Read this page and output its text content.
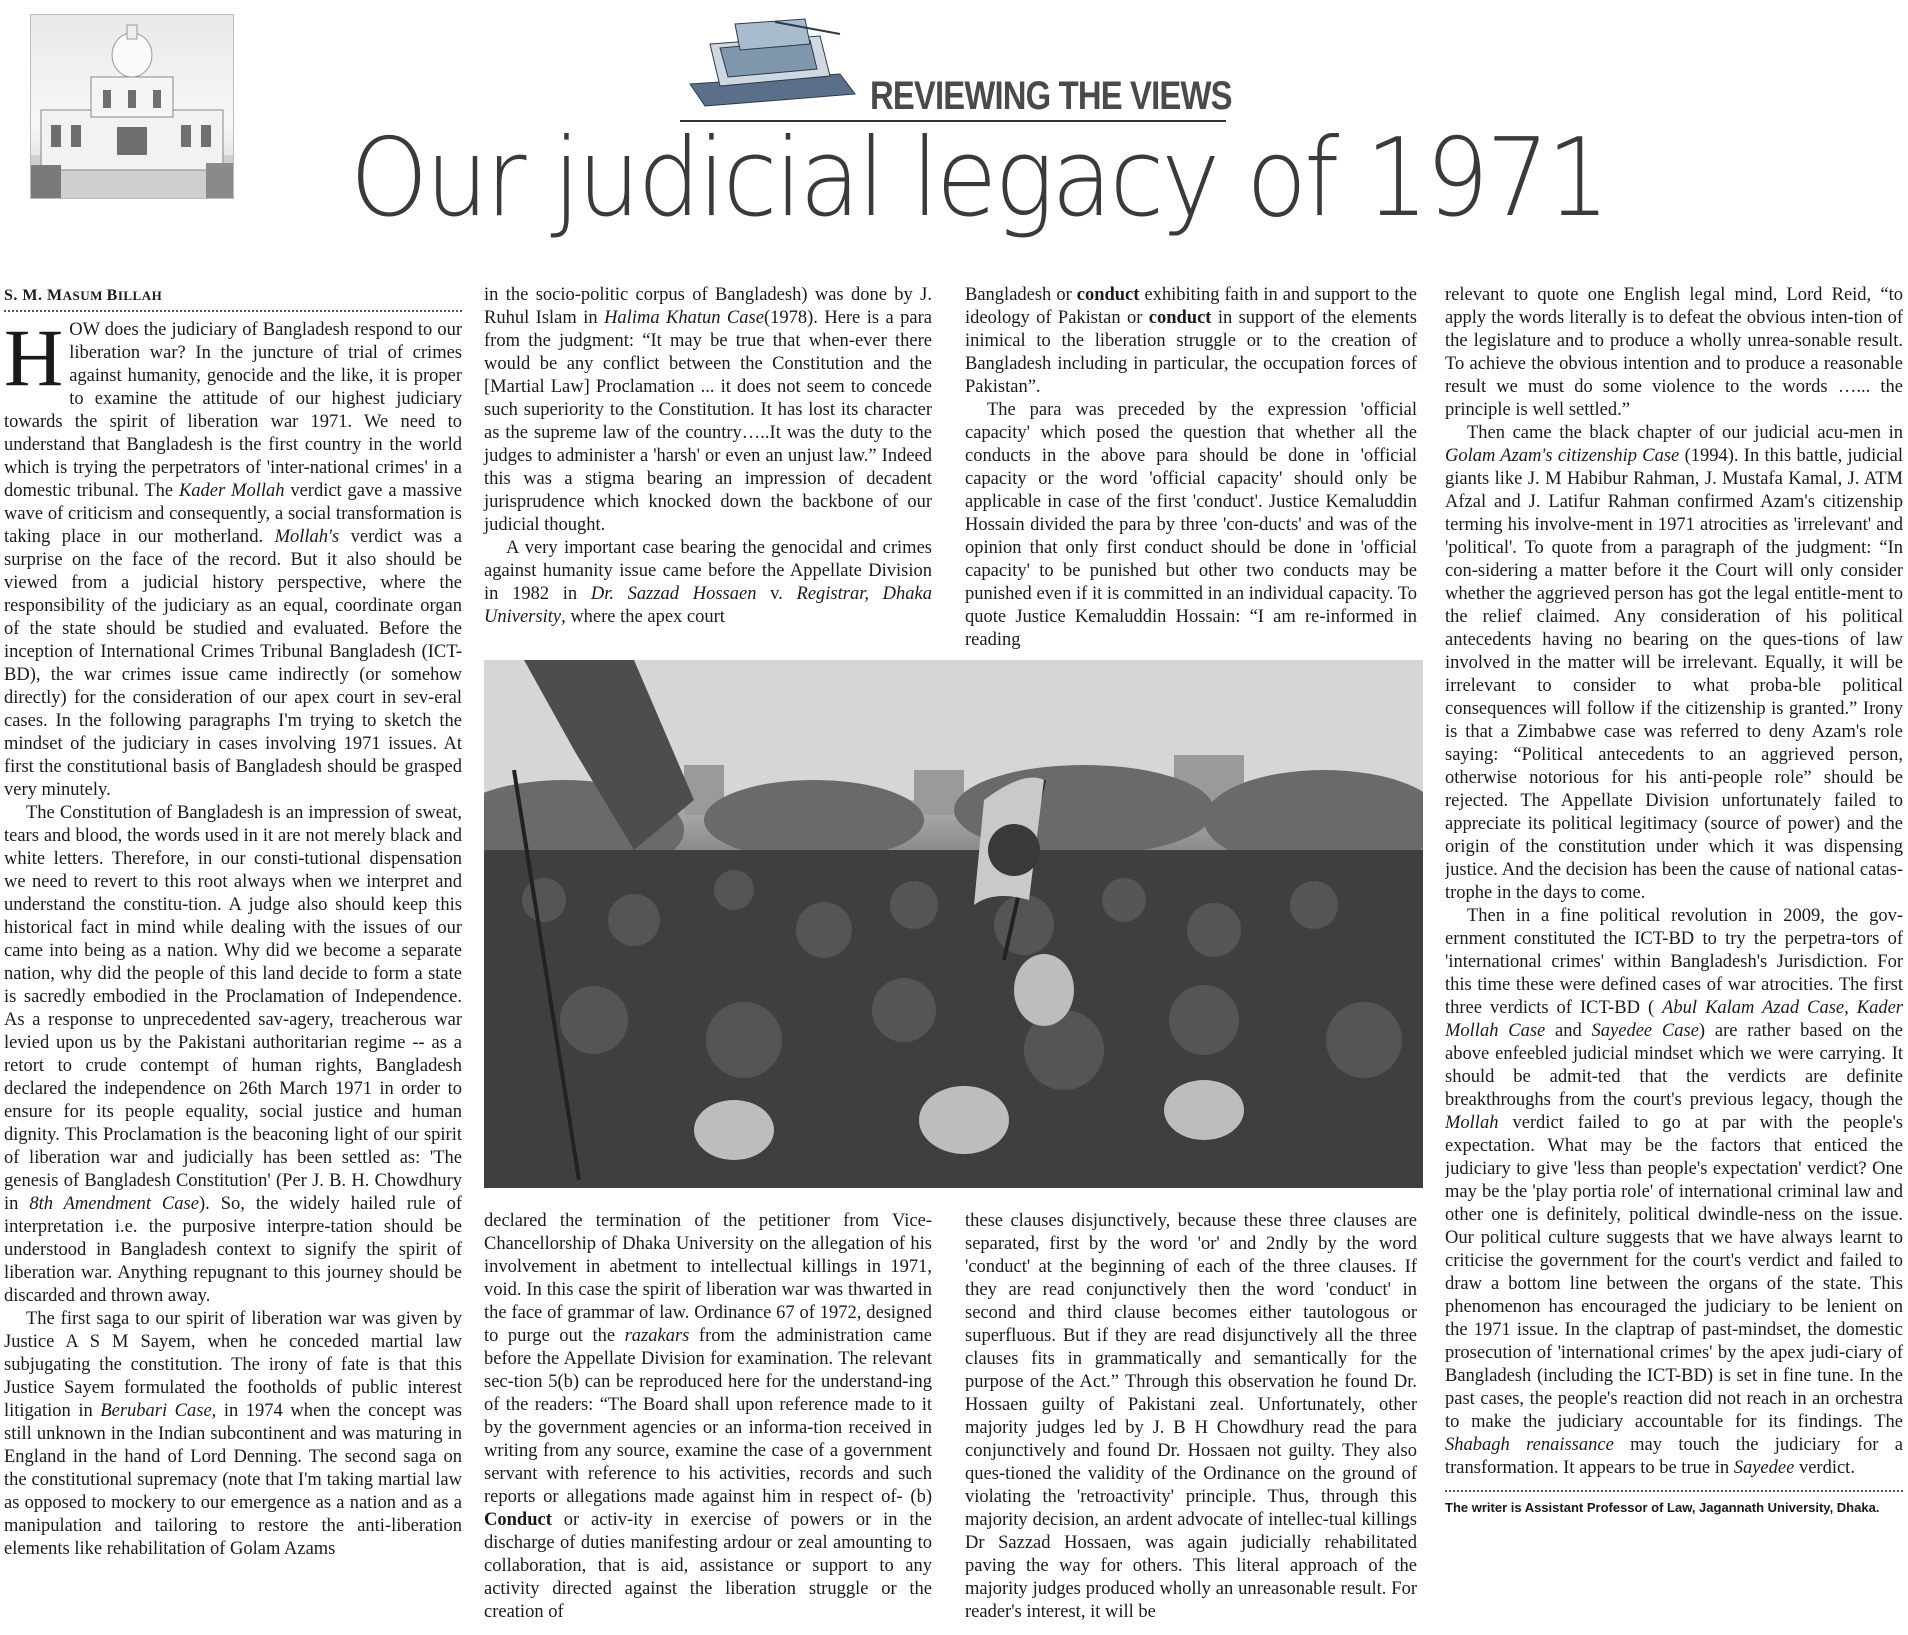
REVIEWING THE VIEWS
Our judicial legacy of 1971
S. M. MASUM BILLAH

HOW does the judiciary of Bangladesh respond to our liberation war? In the juncture of trial of crimes against humanity, genocide and the like, it is proper to examine the attitude of our highest judiciary towards the spirit of liberation war 1971. We need to understand that Bangladesh is the first country in the world which is trying the perpetrators of 'inter-national crimes' in a domestic tribunal. The Kader Mollah verdict gave a massive wave of criticism and consequently, a social transformation is taking place in our motherland. Mollah's verdict was a surprise on the face of the record. But it also should be viewed from a judicial history perspective, where the responsibility of the judiciary as an equal, coordinate organ of the state should be studied and evaluated. Before the inception of International Crimes Tribunal Bangladesh (ICT-BD), the war crimes issue came indirectly (or somehow directly) for the consideration of our apex court in sev-eral cases. In the following paragraphs I'm trying to sketch the mindset of the judiciary in cases involving 1971 issues. At first the constitutional basis of Bangladesh should be grasped very minutely.

The Constitution of Bangladesh is an impression of sweat, tears and blood, the words used in it are not merely black and white letters. Therefore, in our consti-tutional dispensation we need to revert to this root always when we interpret and understand the constitu-tion. A judge also should keep this historical fact in mind while dealing with the issues of our came into being as a nation. Why did we become a separate nation, why did the people of this land decide to form a state is sacredly embodied in the Proclamation of Independence. As a response to unprecedented sav-agery, treacherous war levied upon us by the Pakistani authoritarian regime -- as a retort to crude contempt of human rights, Bangladesh declared the independence on 26th March 1971 in order to ensure for its people equality, social justice and human dignity. This Proclamation is the beaconing light of our spirit of liberation war and judicially has been settled as: 'The genesis of Bangladesh Constitution' (Per J. B. H. Chowdhury in 8th Amendment Case). So, the widely hailed rule of interpretation i.e. the purposive interpre-tation should be understood in Bangladesh context to signify the spirit of liberation war. Anything repugnant to this journey should be discarded and thrown away.

The first saga to our spirit of liberation war was given by Justice A S M Sayem, when he conceded martial law subjugating the constitution. The irony of fate is that this Justice Sayem formulated the footholds of public interest litigation in Berubari Case, in 1974 when the concept was still unknown in the Indian subcontinent and was maturing in England in the hand of Lord Denning. The second saga on the constitutional supremacy (note that I'm taking martial law as opposed to mockery to our emergence as a nation and as a manipulation and tailoring to restore the anti-liberation elements like rehabilitation of Golam Azams

in the socio-politic corpus of Bangladesh) was done by J. Ruhul Islam in Halima Khatun Case(1978). Here is a para from the judgment: “It may be true that when-ever there would be any conflict between the Constitution and the [Martial Law] Proclamation ... it does not seem to concede such superiority to the Constitution. It has lost its character as the supreme law of the country…..It was the duty to the judges to administer a 'harsh' or even an unjust law.” Indeed this was a stigma bearing an impression of decadent jurisprudence which knocked down the backbone of our judicial thought.

A very important case bearing the genocidal and crimes against humanity issue came before the Appellate Division in 1982 in Dr. Sazzad Hossaen v. Registrar, Dhaka University, where the apex court

Bangladesh or conduct exhibiting faith in and support to the ideology of Pakistan or conduct in support of the elements inimical to the liberation struggle or to the creation of Bangladesh including in particular, the occupation forces of Pakistan”.

The para was preceded by the expression 'official capacity' which posed the question that whether all the conducts in the above para should be done in 'official capacity or the word 'official capacity' should only be applicable in case of the first 'conduct'. Justice Kemaluddin Hossain divided the para by three 'con-ducts' and was of the opinion that only first conduct should be done in 'official capacity' to be punished but other two conducts may be punished even if it is committed in an individual capacity. To quote Justice Kemaluddin Hossain: “I am re-informed in reading

declared the termination of the petitioner from Vice-Chancellorship of Dhaka University on the allegation of his involvement in abetment to intellectual killings in 1971, void. In this case the spirit of liberation war was thwarted in the face of grammar of law. Ordinance 67 of 1972, designed to purge out the razakars from the administration came before the Appellate Division for examination. The relevant sec-tion 5(b) can be reproduced here for the understand-ing of the readers: “The Board shall upon reference made to it by the government agencies or an informa-tion received in writing from any source, examine the case of a government servant with reference to his activities, records and such reports or allegations made against him in respect of- (b) Conduct or activ-ity in exercise of powers or in the discharge of duties manifesting ardour or zeal amounting to collaboration, that is aid, assistance or support to any activity directed against the liberation struggle or the creation of

these clauses disjunctively, because these three clauses are separated, first by the word 'or' and 2ndly by the word 'conduct' at the beginning of each of the three clauses. If they are read conjunctively then the word 'conduct' in second and third clause becomes either tautologous or superfluous. But if they are read disjunctively all the three clauses fits in grammatically and semantically for the purpose of the Act.” Through this observation he found Dr. Hossaen guilty of Pakistani zeal. Unfortunately, other majority judges led by J. B H Chowdhury read the para conjunctively and found Dr. Hossaen not guilty. They also ques-tioned the validity of the Ordinance on the ground of violating the 'retroactivity' principle. Thus, through this majority decision, an ardent advocate of intellec-tual killings Dr Sazzad Hossaen, was again judicially rehabilitated paving the way for others. This literal approach of the majority judges produced wholly an unreasonable result. For reader's interest, it will be

relevant to quote one English legal mind, Lord Reid, “to apply the words literally is to defeat the obvious inten-tion of the legislature and to produce a wholly unrea-sonable result. To achieve the obvious intention and to produce a reasonable result we must do some violence to the words …... the principle is well settled.”

Then came the black chapter of our judicial acu-men in Golam Azam's citizenship Case (1994). In this battle, judicial giants like J. M Habibur Rahman, J. Mustafa Kamal, J. ATM Afzal and J. Latifur Rahman confirmed Azam's citizenship terming his involve-ment in 1971 atrocities as 'irrelevant' and 'political'. To quote from a paragraph of the judgment: “In con-sidering a matter before it the Court will only consider whether the aggrieved person has got the legal entitle-ment to the relief claimed. Any consideration of his political antecedents having no bearing on the ques-tions of law involved in the matter will be irrelevant. Equally, it will be irrelevant to consider to what proba-ble political consequences will follow if the citizenship is granted.” Irony is that a Zimbabwe case was referred to deny Azam's role saying: “Political antecedents to an aggrieved person, otherwise notorious for his anti-people role” should be rejected. The Appellate Division unfortunately failed to appreciate its political legitimacy (source of power) and the origin of the constitution under which it was dispensing justice. And the decision has been the cause of national catas-trophe in the days to come.

Then in a fine political revolution in 2009, the gov-ernment constituted the ICT-BD to try the perpetra-tors of 'international crimes' within Bangladesh's Jurisdiction. For this time these were defined cases of war atrocities. The first three verdicts of ICT-BD ( Abul Kalam Azad Case, Kader Mollah Case and Sayedee Case) are rather based on the above enfeebled judicial mindset which we were carrying. It should be admit-ted that the verdicts are definite breakthroughs from the court's previous legacy, though the Mollah verdict failed to go at par with the people's expectation. What may be the factors that enticed the judiciary to give 'less than people's expectation' verdict? One may be the 'play portia role' of international criminal law and other one is definitely, political dwindle-ness on the issue. Our political culture suggests that we have always learnt to criticise the government for the court's verdict and failed to draw a bottom line between the organs of the state. This phenomenon has encouraged the judiciary to be lenient on the 1971 issue. In the claptrap of past-mindset, the domestic prosecution of 'international crimes' by the apex judi-ciary of Bangladesh (including the ICT-BD) is set in fine tune. In the past cases, the people's reaction did not reach in an orchestra to make the judiciary accountable for its findings. The Shabagh renaissance may touch the judiciary for a transformation. It appears to be true in Sayedee verdict.

The writer is Assistant Professor of Law, Jagannath University, Dhaka.
